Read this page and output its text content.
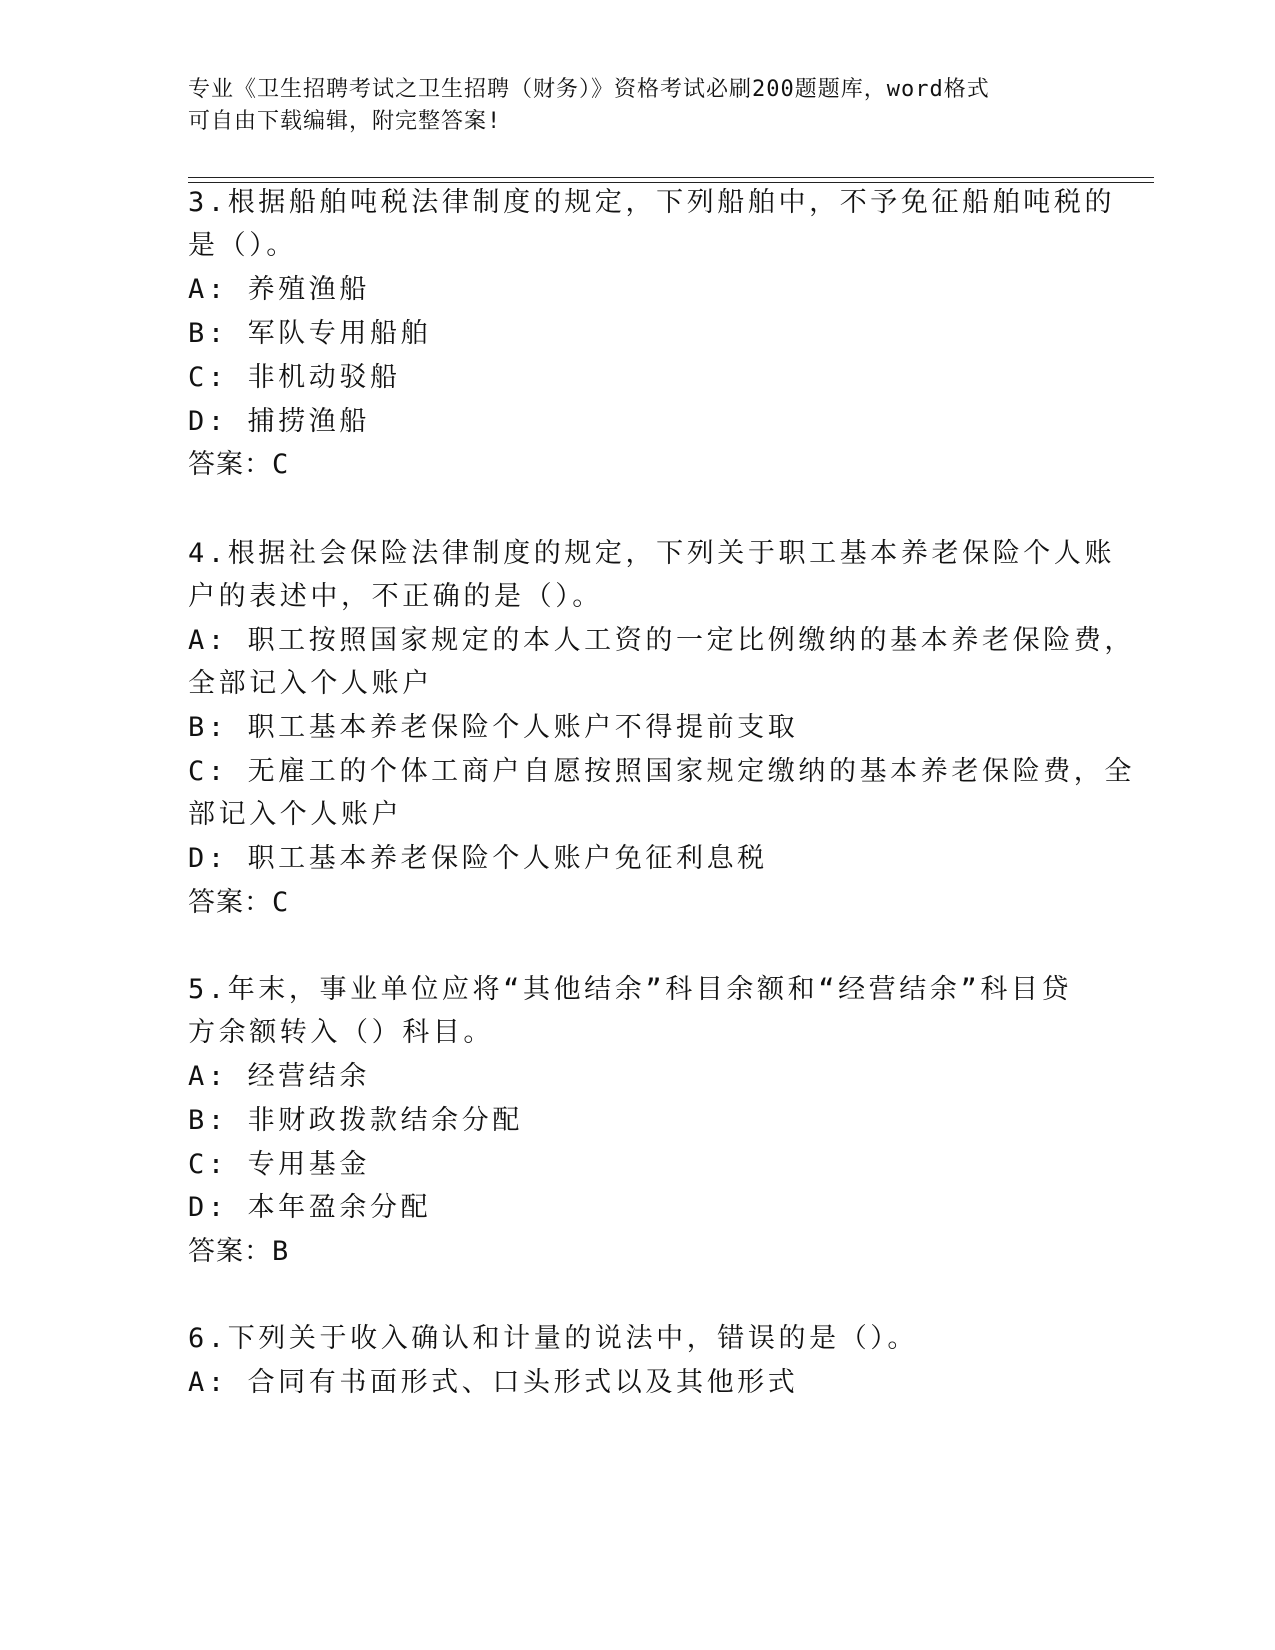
专业《卫生招聘考试之卫生招聘（财务）》资格考试必刷200题题库，word格式
可自由下载编辑，附完整答案!
3.根据船舶吨税法律制度的规定，下列船舶中，不予免征船舶吨税的
是（）。
A: 养殖渔船
B: 军队专用船舶
C: 非机动驳船
D: 捕捞渔船
答案：C
4.根据社会保险法律制度的规定，下列关于职工基本养老保险个人账
户的表述中，不正确的是（）。
A: 职工按照国家规定的本人工资的一定比例缴纳的基本养老保险费，
全部记入个人账户
B: 职工基本养老保险个人账户不得提前支取
C: 无雇工的个体工商户自愿按照国家规定缴纳的基本养老保险费，全
部记入个人账户
D: 职工基本养老保险个人账户免征利息税
答案：C
5.年末，事业单位应将“其他结余”科目余额和“经营结余”科目贷
方余额转入（）科目。
A: 经营结余
B: 非财政拨款结余分配
C: 专用基金
D: 本年盈余分配
答案：B
6.下列关于收入确认和计量的说法中，错误的是（）。
A: 合同有书面形式、口头形式以及其他形式
